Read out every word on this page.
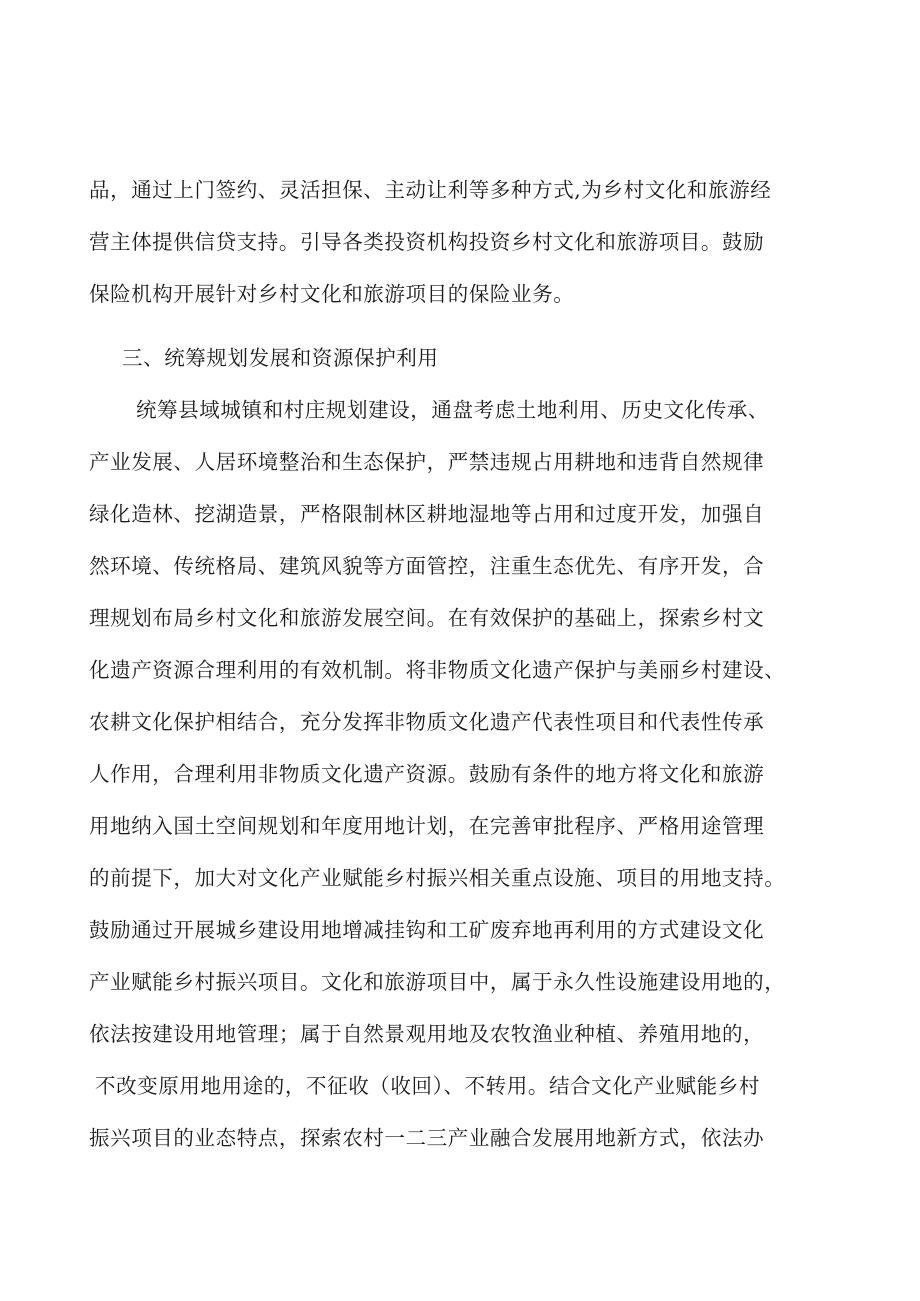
品，通过上门签约、灵活担保、主动让利等多种方式,为乡村文化和旅游经
营主体提供信贷支持。引导各类投资机构投资乡村文化和旅游项目。鼓励
保险机构开展针对乡村文化和旅游项目的保险业务。
三、统筹规划发展和资源保护利用
统筹县域城镇和村庄规划建设，通盘考虑土地利用、历史文化传承、
产业发展、人居环境整治和生态保护，严禁违规占用耕地和违背自然规律
绿化造林、挖湖造景，严格限制林区耕地湿地等占用和过度开发，加强自
然环境、传统格局、建筑风貌等方面管控，注重生态优先、有序开发，合
理规划布局乡村文化和旅游发展空间。在有效保护的基础上，探索乡村文
化遗产资源合理利用的有效机制。将非物质文化遗产保护与美丽乡村建设、
农耕文化保护相结合，充分发挥非物质文化遗产代表性项目和代表性传承
人作用，合理利用非物质文化遗产资源。鼓励有条件的地方将文化和旅游
用地纳入国土空间规划和年度用地计划，在完善审批程序、严格用途管理
的前提下，加大对文化产业赋能乡村振兴相关重点设施、项目的用地支持。
鼓励通过开展城乡建设用地增减挂钩和工矿废弃地再利用的方式建设文化
产业赋能乡村振兴项目。文化和旅游项目中，属于永久性设施建设用地的，
依法按建设用地管理；属于自然景观用地及农牧渔业种植、养殖用地的，
不改变原用地用途的，不征收（收回）、不转用。结合文化产业赋能乡村
振兴项目的业态特点，探索农村一二三产业融合发展用地新方式，依法办
